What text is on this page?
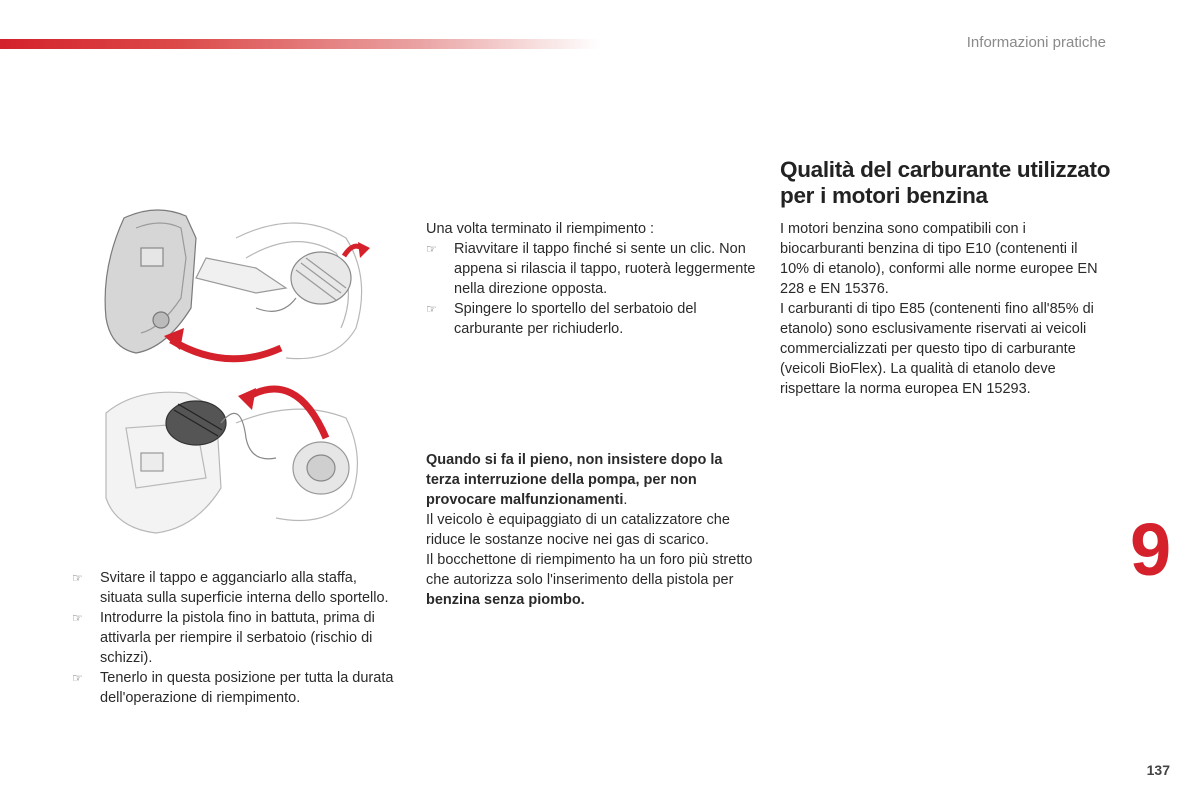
Informazioni pratiche
☞ Svitare il tappo e agganciarlo alla staffa, situata sulla superficie interna dello sportello.
☞ Introdurre la pistola fino in battuta, prima di attivarla per riempire il serbatoio (rischio di schizzi).
☞ Tenerlo in questa posizione per tutta la durata dell'operazione di riempimento.

Una volta terminato il riempimento :

☞ Riavvitare il tappo finché si sente un clic. Non appena si rilascia il tappo, ruoterà leggermente nella direzione opposta.
☞ Spingere lo sportello del serbatoio del carburante per richiuderlo.

Quando si fa il pieno, non insistere dopo la terza interruzione della pompa, per non provocare malfunzionamenti.

Il veicolo è equipaggiato di un catalizzatore che riduce le sostanze nocive nei gas di scarico.

Il bocchettone di riempimento ha un foro più stretto che autorizza solo l'inserimento della pistola per benzina senza piombo.

Qualità del carburante utilizzato per i motori benzina

I motori benzina sono compatibili con i biocarburanti benzina di tipo E10 (contenenti il 10% di etanolo), conformi alle norme europee EN 228 e EN 15376.

I carburanti di tipo E85 (contenenti fino all'85% di etanolo) sono esclusivamente riservati ai veicoli commercializzati per questo tipo di carburante (veicoli BioFlex). La qualità di etanolo deve rispettare la norma europea EN 15293.

9
137
